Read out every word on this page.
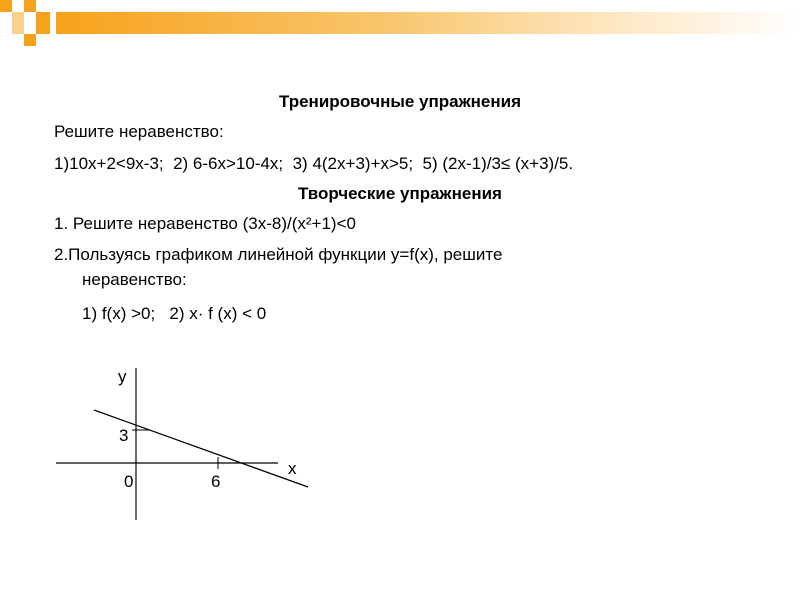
Тренировочные упражнения
Решите неравенство:
1)10x+2<9x-3;  2) 6-6x>10-4x;  3) 4(2x+3)+x>5;  5) (2x-1)/3≤ (x+3)/5.
Творческие упражнения
1. Решите неравенство (3x-8)/(x²+1)<0
2.Пользуясь графиком линейной функции y=f(x), решите
неравенство:
1) f(x) >0;   2) x· f (x) < 0
y
x
3
0	6
